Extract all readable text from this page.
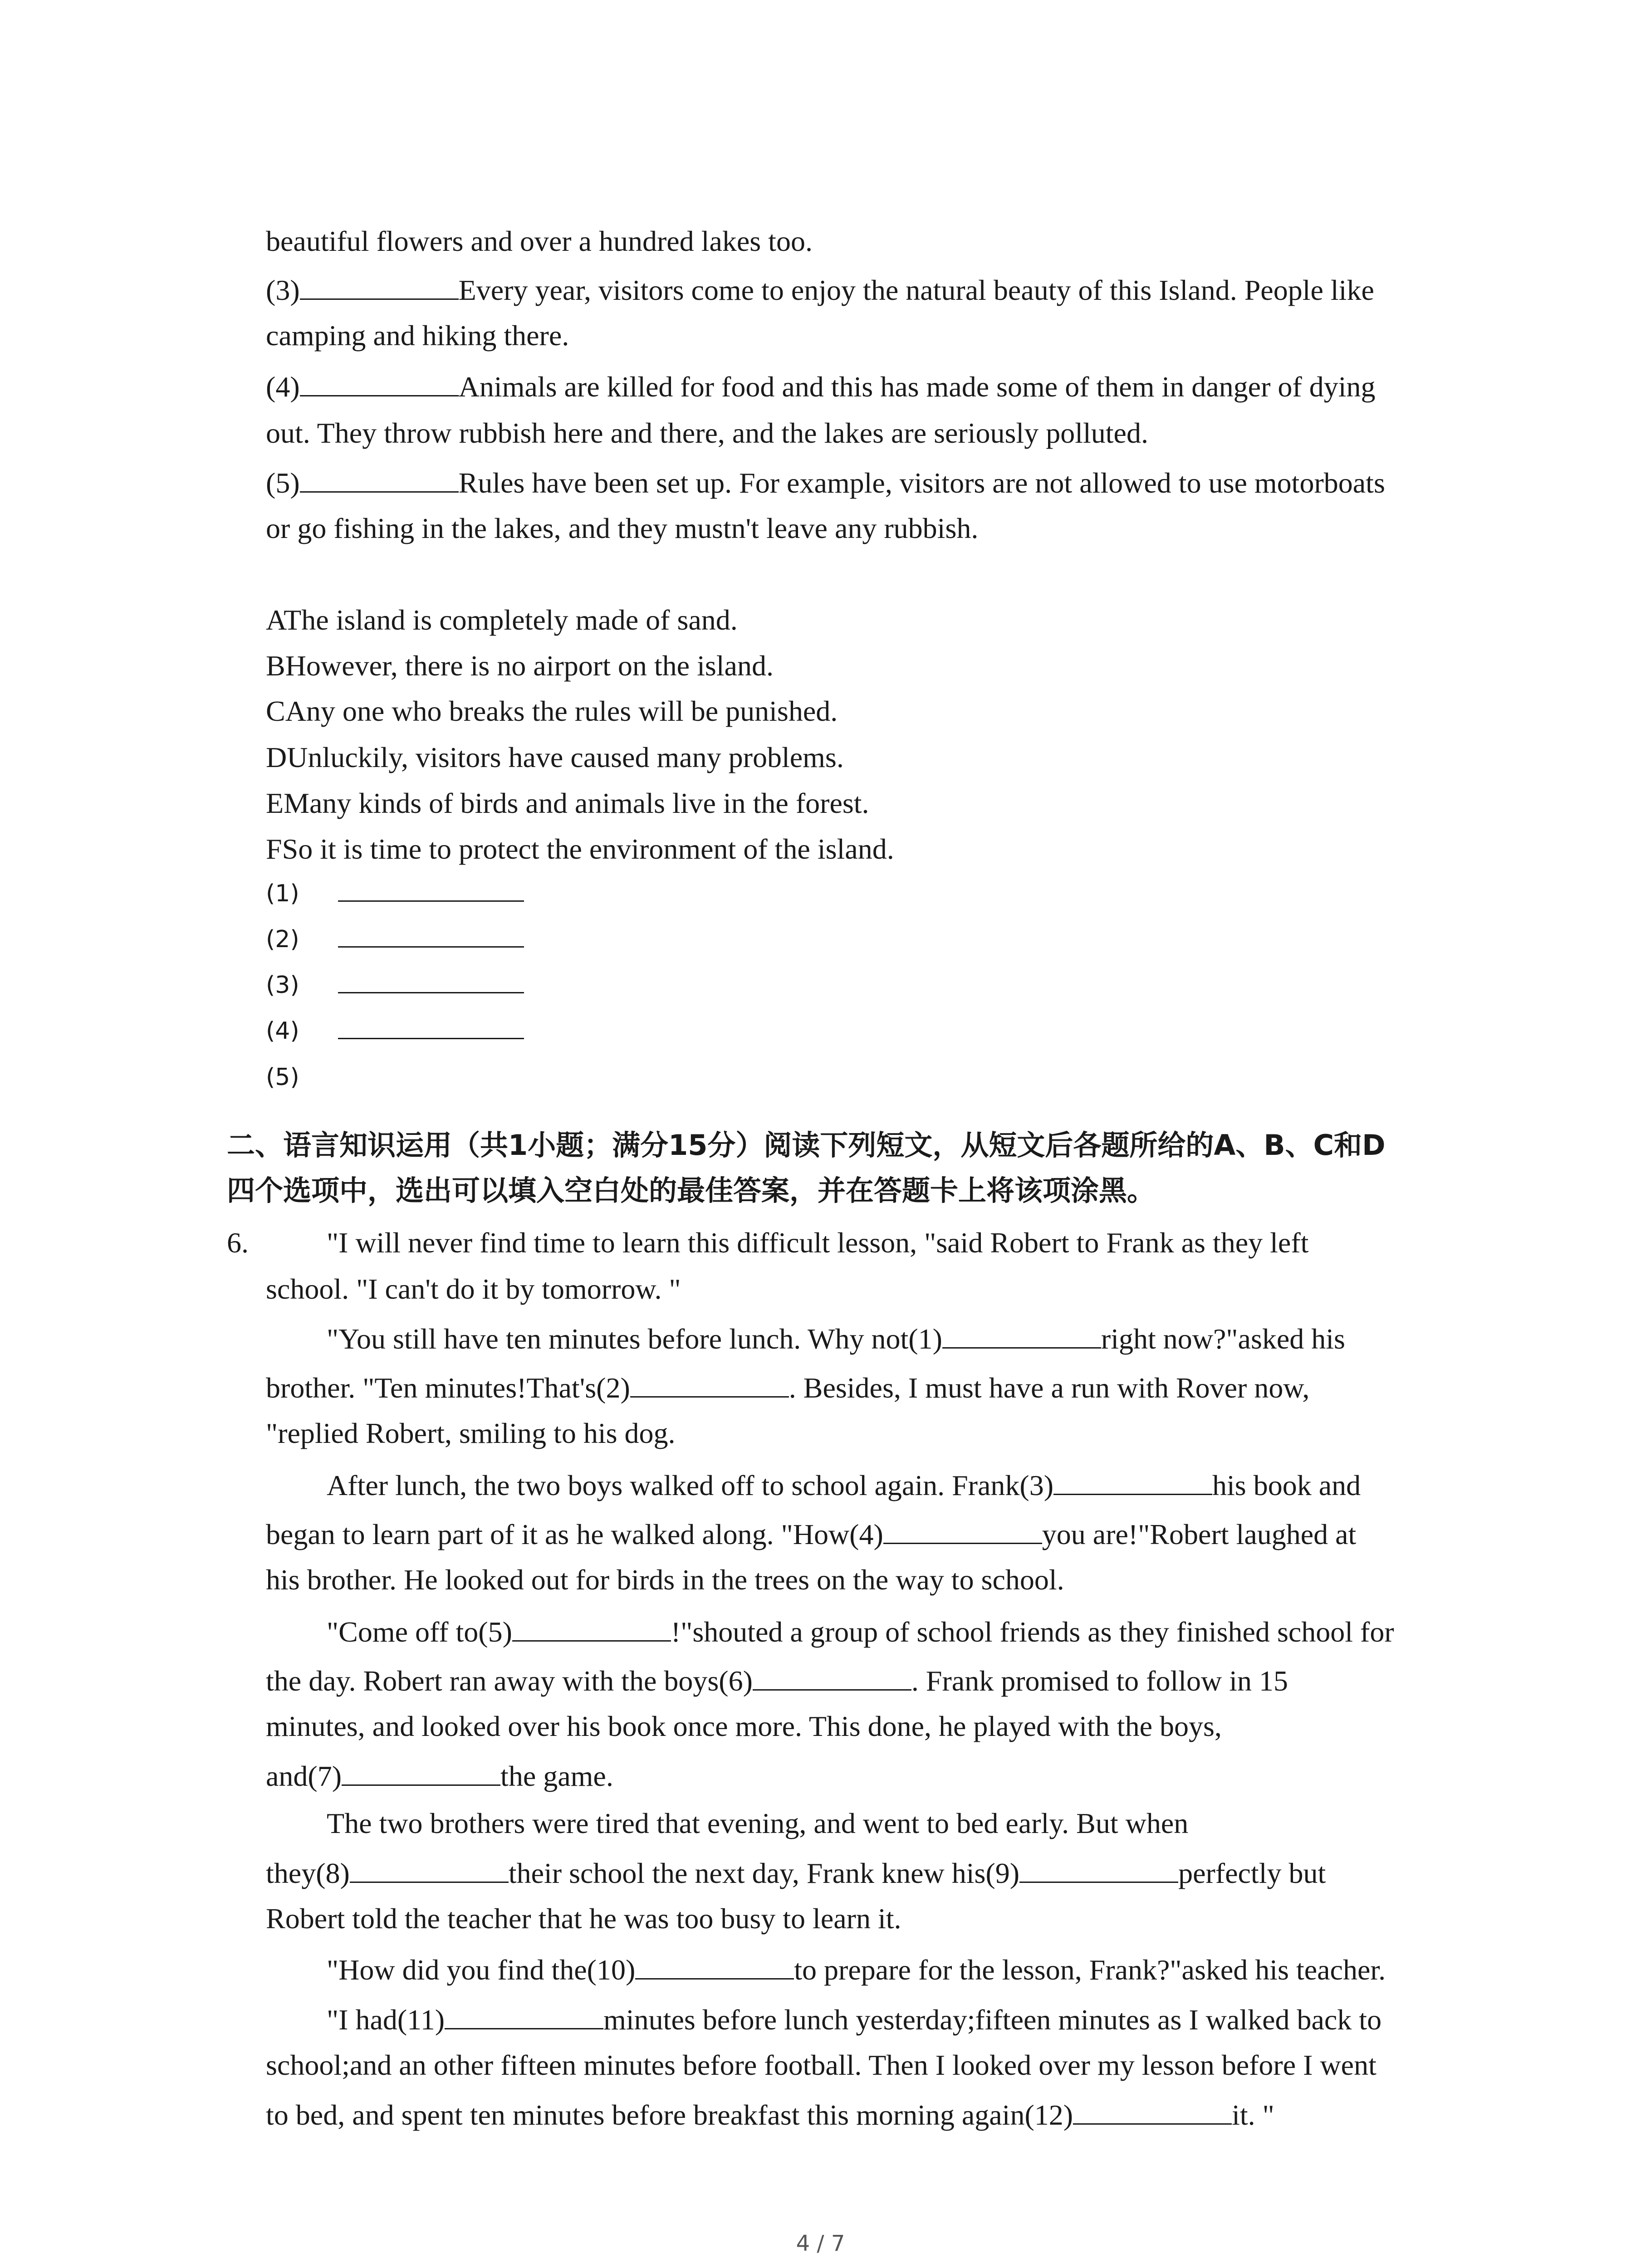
beautiful flowers and over a hundred lakes too.
(3)	Every year, visitors come to enjoy the natural beauty of this Island. People like
camping and hiking there.
(4)	Animals are killed for food and this has made some of them in danger of dying
out. They throw rubbish here and there, and the lakes are seriously polluted.
(5)	Rules have been set up. For example, visitors are not allowed to use motorboats
or go fishing in the lakes, and they mustn't leave any rubbish.
AThe island is completely made of sand.
BHowever, there is no airport on the island.
CAny one who breaks the rules will be punished.
DUnluckily, visitors have caused many problems.
EMany kinds of birds and animals live in the forest.
FSo it is time to protect the environment of the island.
(1)
(2)
(3)
(4)
(5)
二、语言知识运用（共1小题；满分15分）阅读下列短文，从短文后各题所给的A、B、C和D
四个选项中，选出可以填入空白处的最佳答案，并在答题卡上将该项涂黑。
6.	"I will never find time to learn this difficult lesson, "said Robert to Frank as they left
school. "I can't do it by tomorrow. "
"You still have ten minutes before lunch. Why not(1)	right now?"asked his
brother. "Ten minutes!That's(2)	. Besides, I must have a run with Rover now,
"replied Robert, smiling to his dog.
After lunch, the two boys walked off to school again. Frank(3)	his book and
began to learn part of it as he walked along. "How(4)	you are!"Robert laughed at
his brother. He looked out for birds in the trees on the way to school.
"Come off to(5)	!"shouted a group of school friends as they finished school for
the day. Robert ran away with the boys(6)	. Frank promised to follow in 15
minutes, and looked over his book once more. This done, he played with the boys,
and(7)	the game.
The two brothers were tired that evening, and went to bed early. But when
they(8)	their school the next day, Frank knew his(9)	perfectly but
Robert told the teacher that he was too busy to learn it.
"How did you find the(10)	to prepare for the lesson, Frank?"asked his teacher.
"I had(11)	minutes before lunch yesterday;fifteen minutes as I walked back to
school;and an other fifteen minutes before football. Then I looked over my lesson before I went
to bed, and spent ten minutes before breakfast this morning again(12)	it. "
4 / 7
